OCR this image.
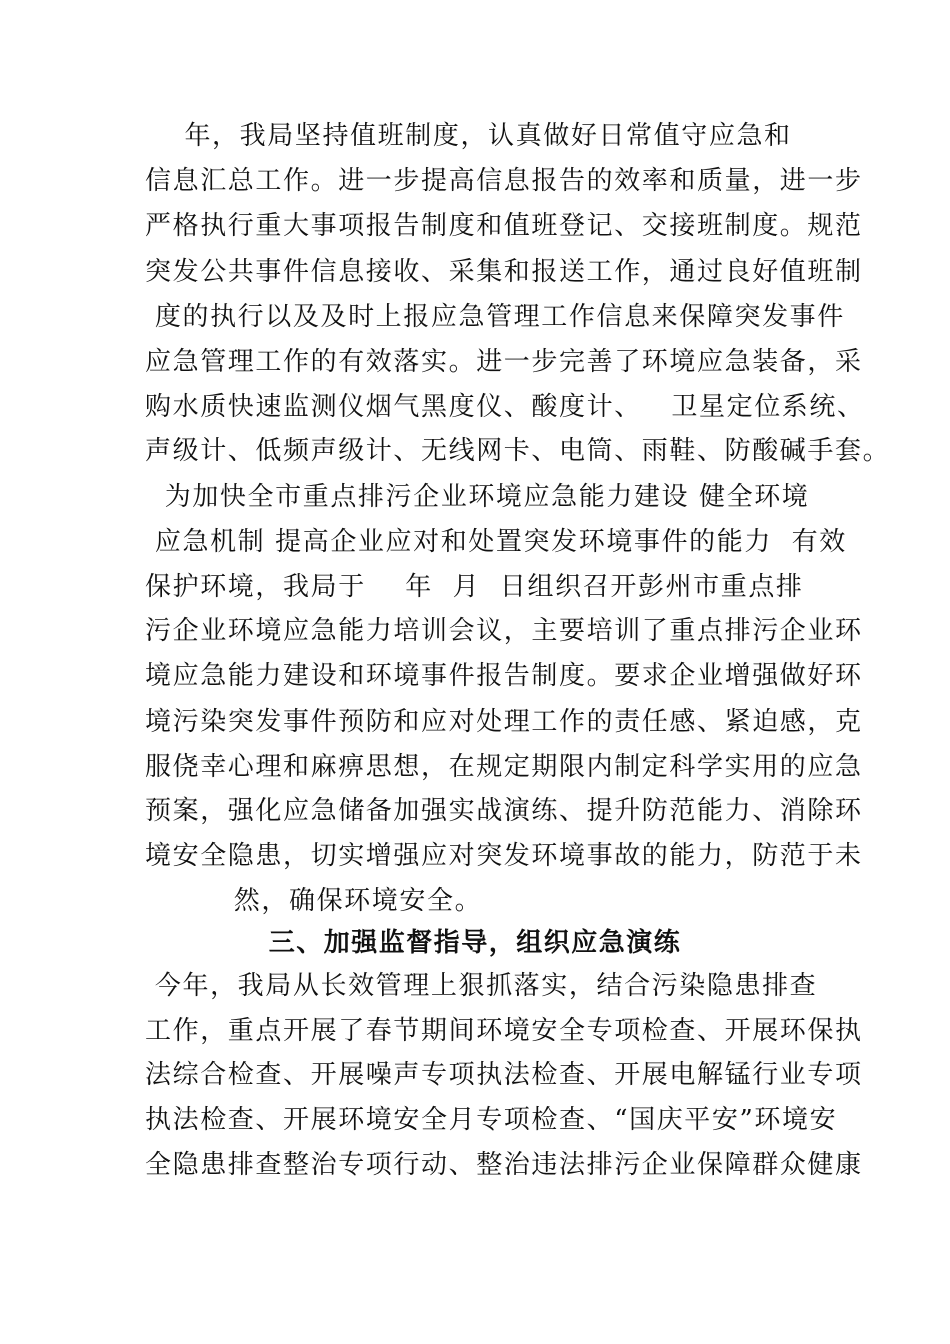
年，我局坚持值班制度，认真做好日常值守应急和
信息汇总工作。进一步提高信息报告的效率和质量，进一步
严格执行重大事项报告制度和值班登记、交接班制度。规范
突发公共事件信息接收、采集和报送工作，通过良好值班制
度的执行以及及时上报应急管理工作信息来保障突发事件
应急管理工作的有效落实。进一步完善了环境应急装备，采
购水质快速监测仪烟气黑度仪、酸度计、   卫星定位系统、
声级计、低频声级计、无线网卡、电筒、雨鞋、防酸碱手套。
为加快全市重点排污企业环境应急能力建设 健全环境
应急机制 提高企业应对和处置突发环境事件的能力  有效
保护环境，我局于    年  月  日组织召开彭州市重点排
污企业环境应急能力培训会议，主要培训了重点排污企业环
境应急能力建设和环境事件报告制度。要求企业增强做好环
境污染突发事件预防和应对处理工作的责任感、紧迫感，克
服侥幸心理和麻痹思想，在规定期限内制定科学实用的应急
预案，强化应急储备加强实战演练、提升防范能力、消除环
境安全隐患，切实增强应对突发环境事故的能力，防范于未
然，确保环境安全。
三、加强监督指导，组织应急演练
今年，我局从长效管理上狠抓落实，结合污染隐患排查
工作，重点开展了春节期间环境安全专项检查、开展环保执
法综合检查、开展噪声专项执法检查、开展电解锰行业专项
执法检查、开展环境安全月专项检查、“国庆平安”环境安
全隐患排查整治专项行动、整治违法排污企业保障群众健康
